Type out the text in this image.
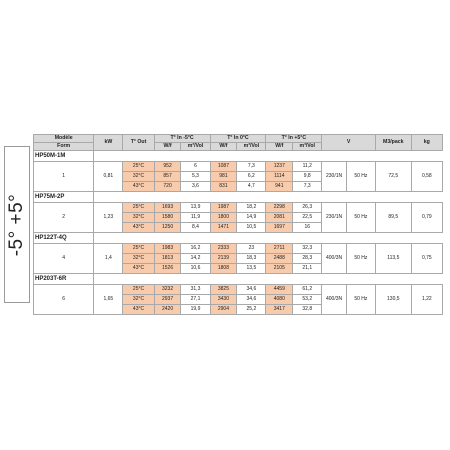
-5° +5°
Modèle	kW	T° Out	T° In -5°C		T° In 0°C		T° In +5°C		V		M3/pack	kg
Form			W/f	m³/Vol	W/f	m³/Vol	W/f	m³/Vol				
HP50M-1M												
1	0,81	25°C	952	6	1087	7,3	1237	11,2	230/1N	50 Hz	72,5	0,58
		32°C	857	5,3	981	6,2	1114	9,8				
		43°C	720	3,6	831	4,7	941	7,3				
HP75M-2P												
2	1,23	25°C	1693	13,9	1987	18,2	2298	26,3	230/1N	50 Hz	89,5	0,79
		32°C	1580	11,9	1800	14,9	2081	22,5				
		43°C	1250	8,4	1471	10,5	1697	16				
HP122T-4Q												
4	1,4	25°C	1983	16,2	2333	23	2711	32,3	400/3N	50 Hz	113,5	0,75
		32°C	1813	14,2	2139	18,3	2488	28,3				
		43°C	1526	10,6	1808	13,5	2105	21,1				
HP203T-6R												
6	1,65	25°C	3232	31,3	3825	34,6	4459	61,2	400/3N	50 Hz	130,5	1,22
		32°C	2937	27,1	3430	34,6	4080	53,2				
		43°C	2420	19,9	2904	25,2	3417	32,8				
